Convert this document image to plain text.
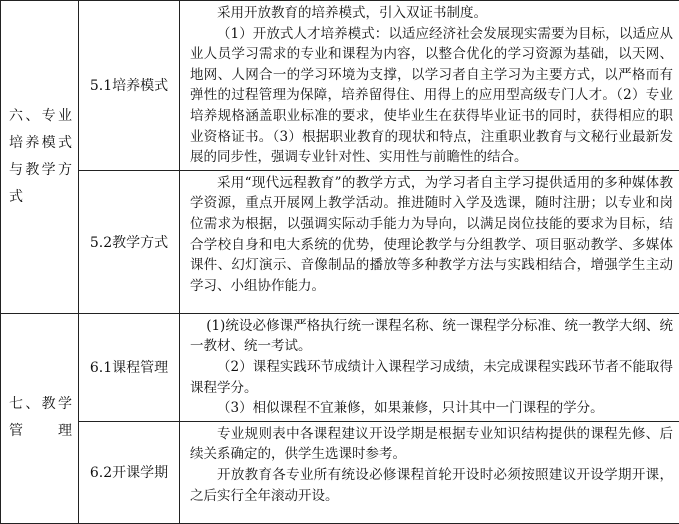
六、专业培养模式与教学方式	5.1培养模式	采用开放教育的培养模式，引入双证书制度。

（1）开放式人才培养模式：以适应经济社会发展现实需要为目标，以适应从业人员学习需求的专业和课程为内容，以整合优化的学习资源为基础，以天网、地网、人网合一的学习环境为支撑，以学习者自主学习为主要方式，以严格而有弹性的过程管理为保障，培养留得住、用得上的应用型高级专门人才。（2）专业培养规格涵盖职业标准的要求，使毕业生在获得毕业证书的同时，获得相应的职业资格证书。（3）根据职业教育的现状和特点，注重职业教育与文秘行业最新发展的同步性，强调专业针对性、实用性与前瞻性的结合。

	5.2教学方式	采用“现代远程教育”的教学方式，为学习者自主学习提供适用的多种媒体教学资源，重点开展网上教学活动。推进随时入学及选课，随时注册；以专业和岗位需求为根据，以强调实际动手能力为导向，以满足岗位技能的要求为目标，结合学校自身和电大系统的优势，使理论教学与分组教学、项目驱动教学、多媒体课件、幻灯演示、音像制品的播放等多种教学方法与实践相结合，增强学生主动学习、小组协作能力。

七、教学管理	6.1课程管理	(1)统设必修课严格执行统一课程名称、统一课程学分标准、统一教学大纲、统一教材、统一考试。

（2）课程实践环节成绩计入课程学习成绩，未完成课程实践环节者不能取得课程学分。

（3）相似课程不宜兼修，如果兼修，只计其中一门课程的学分。

	6.2开课学期	专业规则表中各课程建议开设学期是根据专业知识结构提供的课程先修、后续关系确定的，供学生选课时参考。

开放教育各专业所有统设必修课程首轮开设时必须按照建议开设学期开课，之后实行全年滚动开设。
